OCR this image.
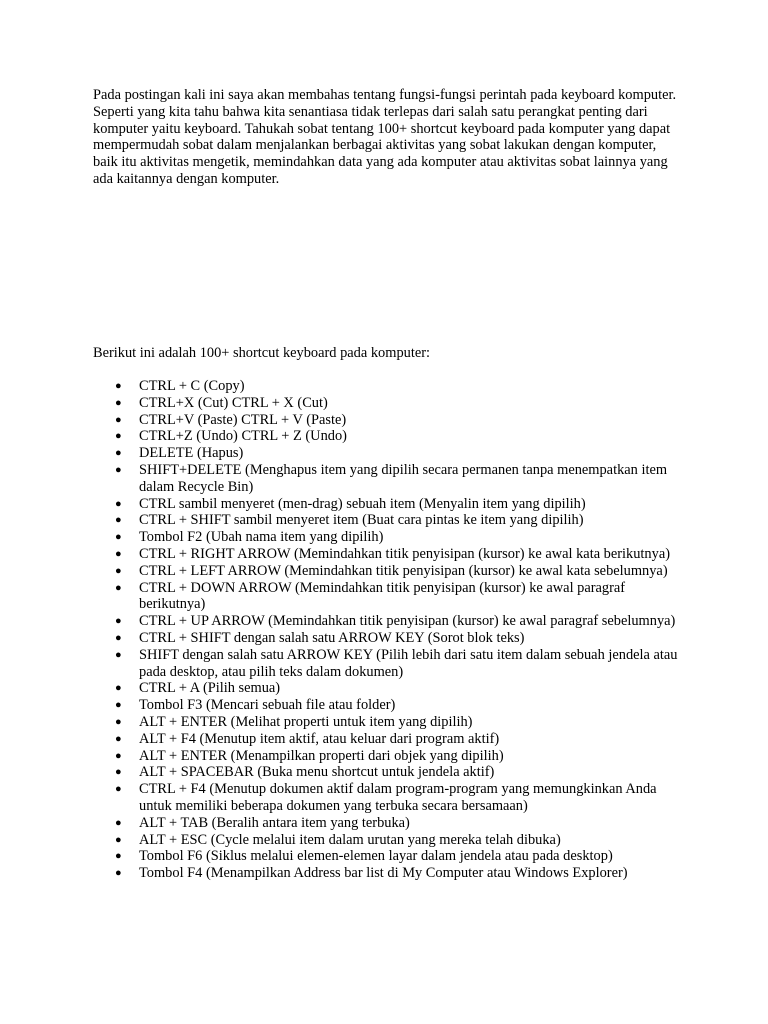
Pada postingan kali ini saya akan membahas tentang fungsi-fungsi perintah pada keyboard komputer. Seperti yang kita tahu bahwa kita senantiasa tidak terlepas dari salah satu perangkat penting dari komputer yaitu keyboard. Tahukah sobat tentang 100+ shortcut keyboard pada komputer yang dapat mempermudah sobat dalam menjalankan berbagai aktivitas yang sobat lakukan dengan komputer, baik itu aktivitas mengetik, memindahkan data yang ada komputer atau aktivitas sobat lainnya yang ada kaitannya dengan komputer.

Berikut ini adalah 100+ shortcut keyboard pada komputer:

● CTRL + C (Copy)
● CTRL+X (Cut) CTRL + X (Cut)
● CTRL+V (Paste) CTRL + V (Paste)
● CTRL+Z (Undo) CTRL + Z (Undo)
● DELETE (Hapus)
● SHIFT+DELETE (Menghapus item yang dipilih secara permanen tanpa menempatkan item dalam Recycle Bin)
● CTRL sambil menyeret (men-drag) sebuah item (Menyalin item yang dipilih)
● CTRL + SHIFT sambil menyeret item (Buat cara pintas ke item yang dipilih)
● Tombol F2 (Ubah nama item yang dipilih)
● CTRL + RIGHT ARROW (Memindahkan titik penyisipan (kursor) ke awal kata berikutnya)
● CTRL + LEFT ARROW (Memindahkan titik penyisipan (kursor) ke awal kata sebelumnya)
● CTRL + DOWN ARROW (Memindahkan titik penyisipan (kursor) ke awal paragraf berikutnya)
● CTRL + UP ARROW (Memindahkan titik penyisipan (kursor) ke awal paragraf sebelumnya)
● CTRL + SHIFT dengan salah satu ARROW KEY (Sorot blok teks)
● SHIFT dengan salah satu ARROW KEY (Pilih lebih dari satu item dalam sebuah jendela atau pada desktop, atau pilih teks dalam dokumen)
● CTRL + A (Pilih semua)
● Tombol F3 (Mencari sebuah file atau folder)
● ALT + ENTER (Melihat properti untuk item yang dipilih)
● ALT + F4 (Menutup item aktif, atau keluar dari program aktif)
● ALT + ENTER (Menampilkan properti dari objek yang dipilih)
● ALT + SPACEBAR (Buka menu shortcut untuk jendela aktif)
● CTRL + F4 (Menutup dokumen aktif dalam program-program yang memungkinkan Anda untuk memiliki beberapa dokumen yang terbuka secara bersamaan)
● ALT + TAB (Beralih antara item yang terbuka)
● ALT + ESC (Cycle melalui item dalam urutan yang mereka telah dibuka)
● Tombol F6 (Siklus melalui elemen-elemen layar dalam jendela atau pada desktop)
● Tombol F4 (Menampilkan Address bar list di My Computer atau Windows Explorer)
